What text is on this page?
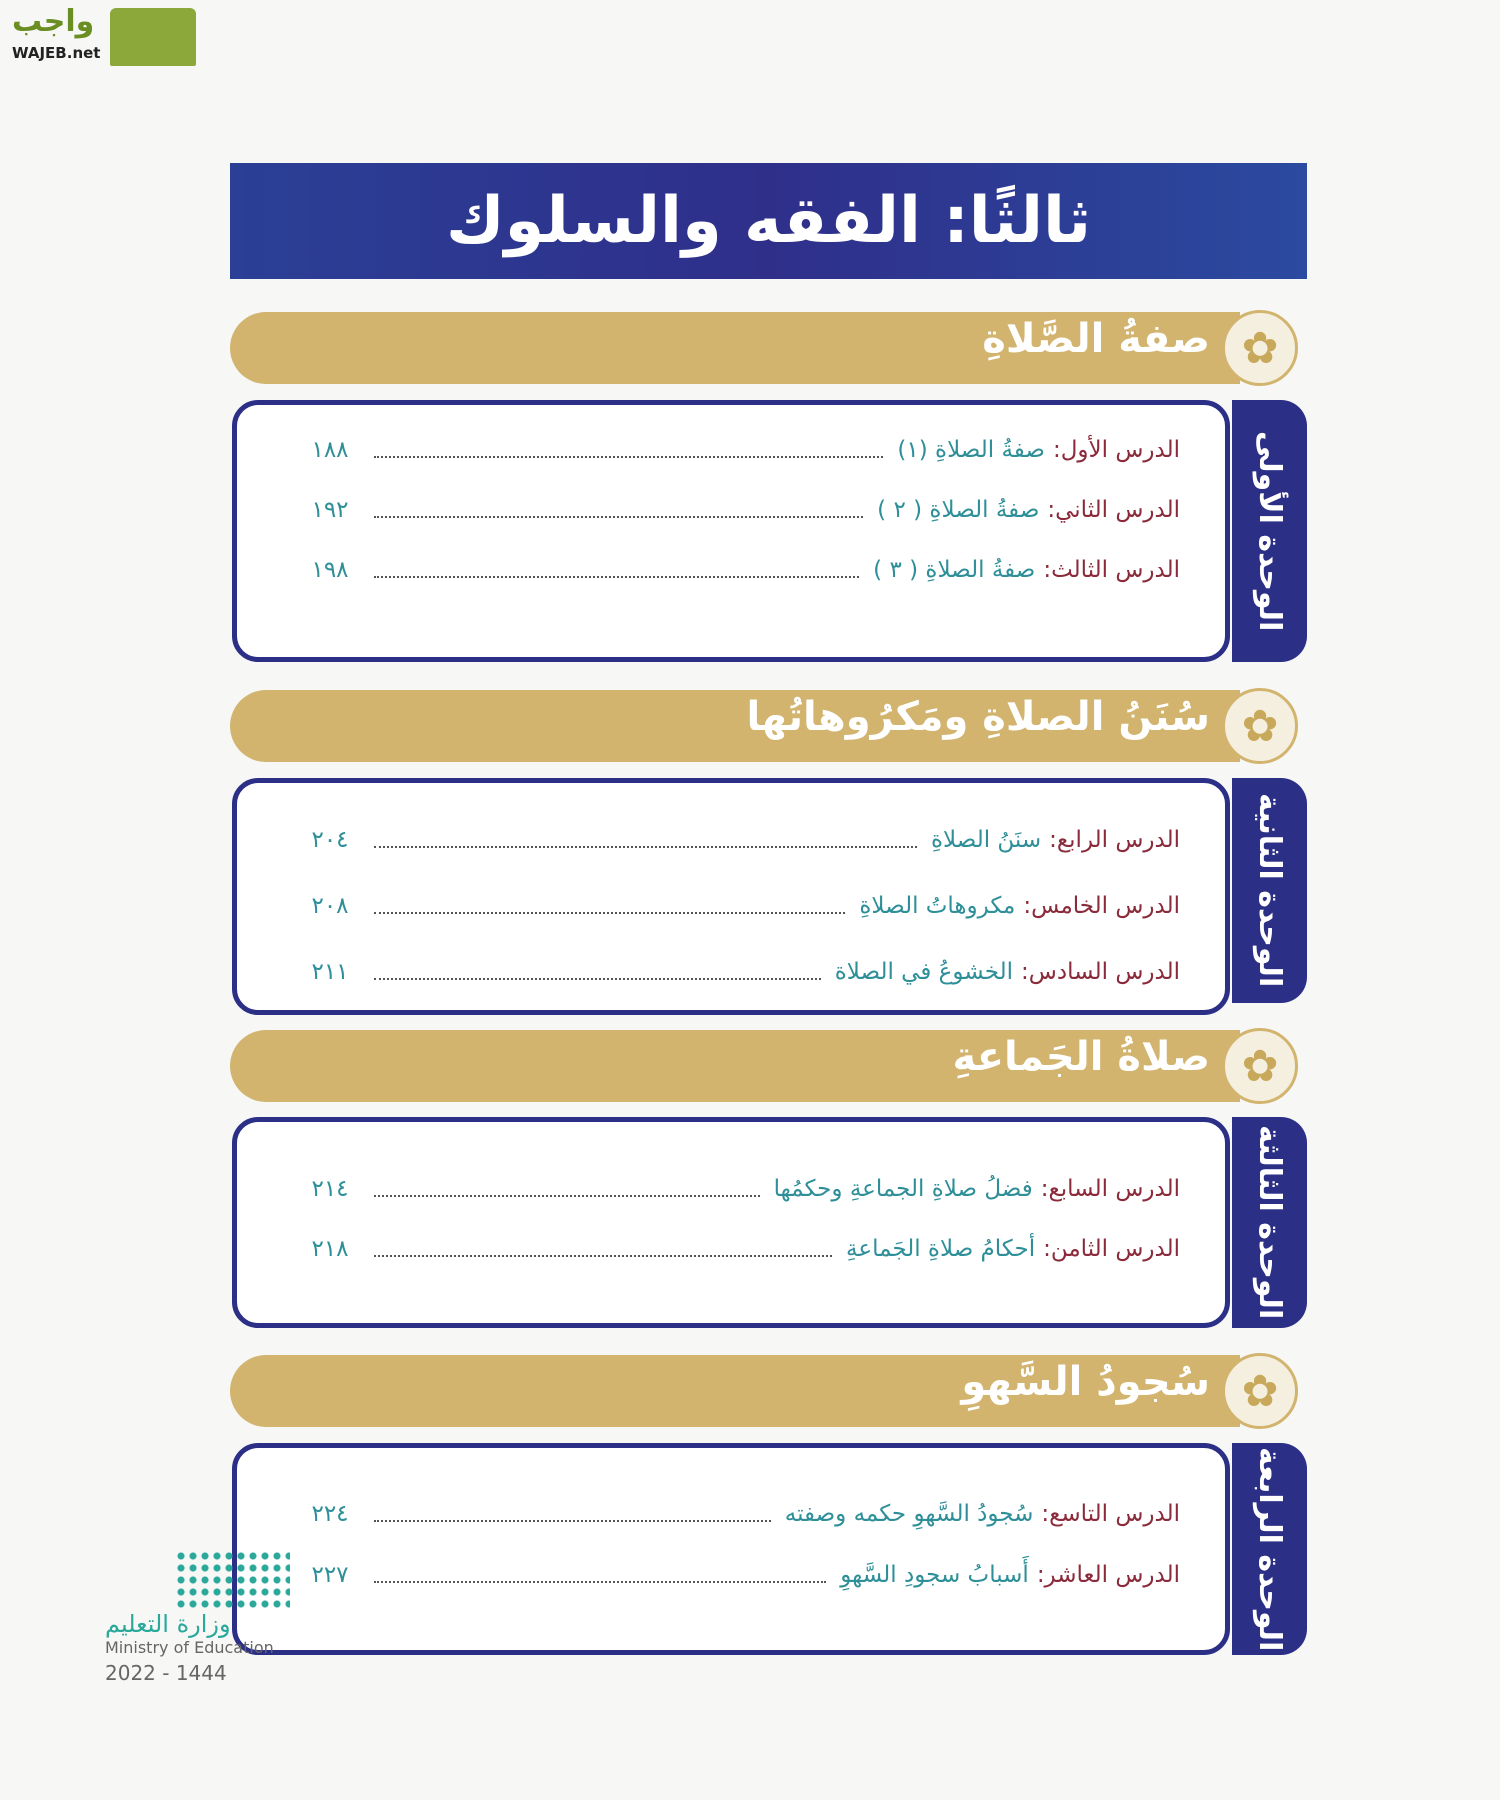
واجب
WAJEB.net
ثالثًا: الفقه والسلوك
صفةُ الصَّلاةِ ✿
الوحدة الأولى
الدرس الأول:
صفةُ الصلاةِ (١)
١٨٨
الدرس الثاني:
صفةُ الصلاةِ ( ٢ )
١٩٢
الدرس الثالث:
صفةُ الصلاةِ ( ٣ )
١٩٨
سُنَنُ الصلاةِ ومَكرُوهاتُها ✿
الوحدة الثانية
الدرس الرابع:
سنَنُ الصلاةِ
٢٠٤
الدرس الخامس:
مكروهاتُ الصلاةِ
٢٠٨
الدرس السادس:
الخشوعُ في الصلاة
٢١١
صلاةُ الجَماعةِ ✿
الوحدة الثالثة
الدرس السابع:
فضلُ صلاةِ الجماعةِ وحكمُها
٢١٤
الدرس الثامن:
أحكامُ صلاةِ الجَماعةِ
٢١٨
سُجودُ السَّهوِ ✿
الوحدة الرابعة
الدرس التاسع:
سُجودُ السَّهوِ حكمه وصفته
٢٢٤
الدرس العاشر:
أَسبابُ سجودِ السَّهوِ
٢٢٧
وزارة التعليم
Ministry of Education
2022 - 1444
